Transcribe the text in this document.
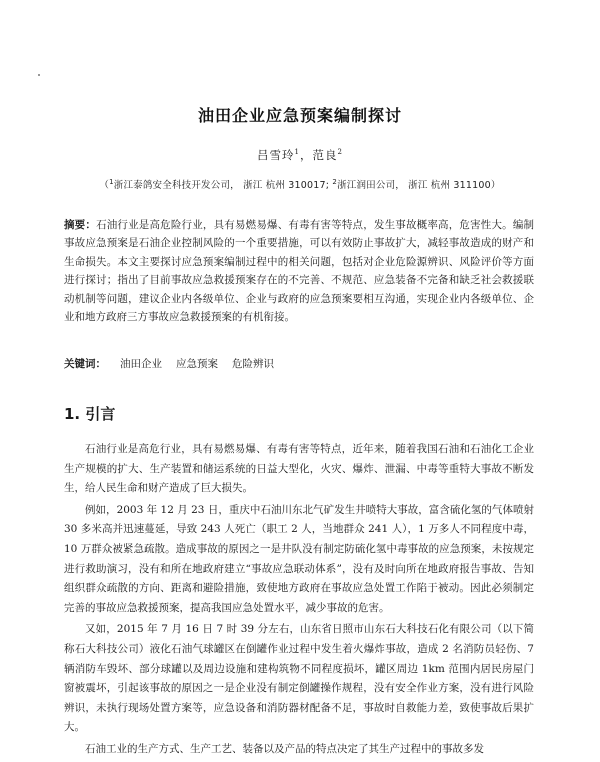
油田企业应急预案编制探讨
吕雪玲$^1$，范良$^2$
（$^1$浙江泰鸽安全科技开发公司， 浙江 杭州 310017; $^2$浙江润田公司， 浙江 杭州 311100）
摘要：石油行业是高危险行业，具有易燃易爆、有毒有害等特点，发生事故概率高，危害性大。编制事故应急预案是石油企业控制风险的一个重要措施，可以有效防止事故扩大，减轻事故造成的财产和生命损失。本文主要探讨应急预案编制过程中的相关问题，包括对企业危险源辨识、风险评价等方面进行探讨；指出了目前事故应急救援预案存在的不完善、不规范、应急装备不完备和缺乏社会救援联动机制等问题，建议企业内各级单位、企业与政府的应急预案要相互沟通，实现企业内各级单位、企业和地方政府三方事故应急救援预案的有机衔接。
关键词： 油田企业 应急预案 危险辨识
1. 引言

石油行业是高危行业，具有易燃易爆、有毒有害等特点，近年来，随着我国石油和石油化工企业生产规模的扩大、生产装置和储运系统的日益大型化，火灾、爆炸、泄漏、中毒等重特大事故不断发生，给人民生命和财产造成了巨大损失。

例如，2003 年 12 月 23 日，重庆中石油川东北气矿发生井喷特大事故，富含硫化氢的气体喷射 30 多米高并迅速蔓延，导致 243 人死亡（职工 2 人，当地群众 241 人），1 万多人不同程度中毒，10 万群众被紧急疏散。造成事故的原因之一是井队没有制定防硫化氢中毒事故的应急预案，未按规定进行救助演习，没有和所在地政府建立“事故应急联动体系”，没有及时向所在地政府报告事故、告知组织群众疏散的方向、距离和避险措施，致使地方政府在事故应急处置工作陷于被动。因此必须制定完善的事故应急救援预案，提高我国应急处置水平，减少事故的危害。

又如，2015 年 7 月 16 日 7 时 39 分左右，山东省日照市山东石大科技石化有限公司（以下简称石大科技公司）液化石油气球罐区在倒罐作业过程中发生着火爆炸事故，造成 2 名消防员轻伤、7 辆消防车毁坏、部分球罐以及周边设施和建构筑物不同程度损坏，罐区周边 1km 范围内居民房屋门窗被震坏，引起该事故的原因之一是企业没有制定倒罐操作规程，没有安全作业方案，没有进行风险辨识，未执行现场处置方案等，应急设备和消防器材配备不足，事故时自救能力差，致使事故后果扩大。

石油工业的生产方式、生产工艺、装备以及产品的特点决定了其生产过程中的事故多发
